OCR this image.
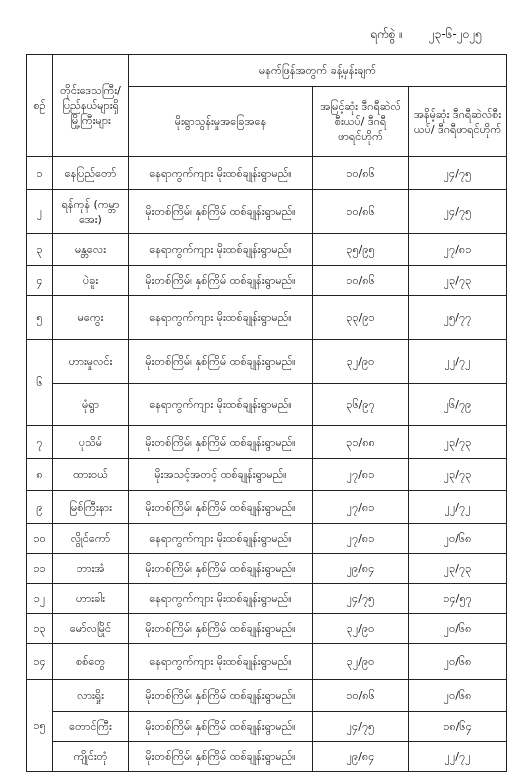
ရက်စွဲ ။ ၂၃-၆-၂၀၂၅
စဉ်	တိုင်းဒေသကြီး/ ပြည်နယ်များရှိ မြို့ကြီးများ	မနက်ဖြန်အတွက် ခန့်မှန်းချက်		
		မိုးရွာသွန်းမှုအခြေအနေ	အမြင့်ဆုံး ဒီဂရီဆဲလ်စီးယပ်/ ဒီဂရီဖာရင်ဟိုက်	အနိမ့်ဆုံး ဒီဂရီဆဲလ်စီးယပ်/ ဒီဂရီဖာရင်ဟိုက်
၁	နေပြည်တော်	နေရာကွက်ကျား မိုးထစ်ချုန်းရွာမည်။	၁၀/၈၆	၂၄/၇၅
၂	ရန်ကုန် (ကမ္ဘာအေး)	မိုးတစ်ကြိမ်၊ နှစ်ကြိမ် ထစ်ချုန်းရွာမည်။	၁၀/၈၆	၂၄/၇၅
၃	မန္တလေး	နေရာကွက်ကျား မိုးထစ်ချုန်းရွာမည်။	၃၅/၉၅	၂၇/၈၁
၄	ပဲခူး	မိုးတစ်ကြိမ်၊ နှစ်ကြိမ် ထစ်ချုန်းရွာမည်။	၁၀/၈၆	၂၃/၇၃
၅	မကွေး	နေရာကွက်ကျား မိုးထစ်ချုန်းရွာမည်။	၃၃/၉၁	၂၅/၇၇
၆	ဟားမှုလင်း	မိုးတစ်ကြိမ်၊ နှစ်ကြိမ် ထစ်ချုန်းရွာမည်။	၃၂/၉၀	၂၂/၇၂
	မုံရွာ	နေရာကွက်ကျား မိုးထစ်ချုန်းရွာမည်။	၃၆/၉၇	၂၆/၇၉
၇	ပုသိမ်	မိုးတစ်ကြိမ်၊ နှစ်ကြိမ် ထစ်ချုန်းရွာမည်။	၃၁/၈၈	၂၃/၇၃
၈	ထားဝယ်	မိုးအသင့်အတင့် ထစ်ချုန်းရွာမည်။	၂၇/၈၁	၂၃/၇၃
၉	မြစ်ကြီးနား	မိုးတစ်ကြိမ်၊ နှစ်ကြိမ် ထစ်ချုန်းရွာမည်။	၂၇/၈၁	၂၂/၇၂
၁၀	လွိုင်ကော်	နေရာကွက်ကျား မိုးထစ်ချုန်းရွာမည်။	၂၇/၈၁	၂၀/၆၈
၁၁	ဘားအံ	မိုးတစ်ကြိမ်၊ နှစ်ကြိမ် ထစ်ချုန်းရွာမည်။	၂၉/၈၄	၂၃/၇၃
၁၂	ဟားခါး	နေရာကွက်ကျား မိုးထစ်ချုန်းရွာမည်။	၂၄/၇၅	၁၄/၅၇
၁၃	မော်လမြိုင်	မိုးတစ်ကြိမ်၊ နှစ်ကြိမ် ထစ်ချုန်းရွာမည်။	၃၂/၉၀	၂၀/၆၈
၁၄	စစ်တွေ	နေရာကွက်ကျား မိုးထစ်ချုန်းရွာမည်။	၃၂/၉၀	၂၀/၆၈
၁၅	လားရှိုး	မိုးတစ်ကြိမ်၊ နှစ်ကြိမ် ထစ်ချုန်းရွာမည်။	၁၀/၈၆	၂၀/၆၈
	တောင်ကြီး	မိုးတစ်ကြိမ်၊ နှစ်ကြိမ် ထစ်ချုန်းရွာမည်။	၂၄/၇၅	၁၈/၆၄
	ကျိုင်းတုံ	မိုးတစ်ကြိမ်၊ နှစ်ကြိမ် ထစ်ချုန်းရွာမည်။	၂၉/၈၄	၂၂/၇၂
